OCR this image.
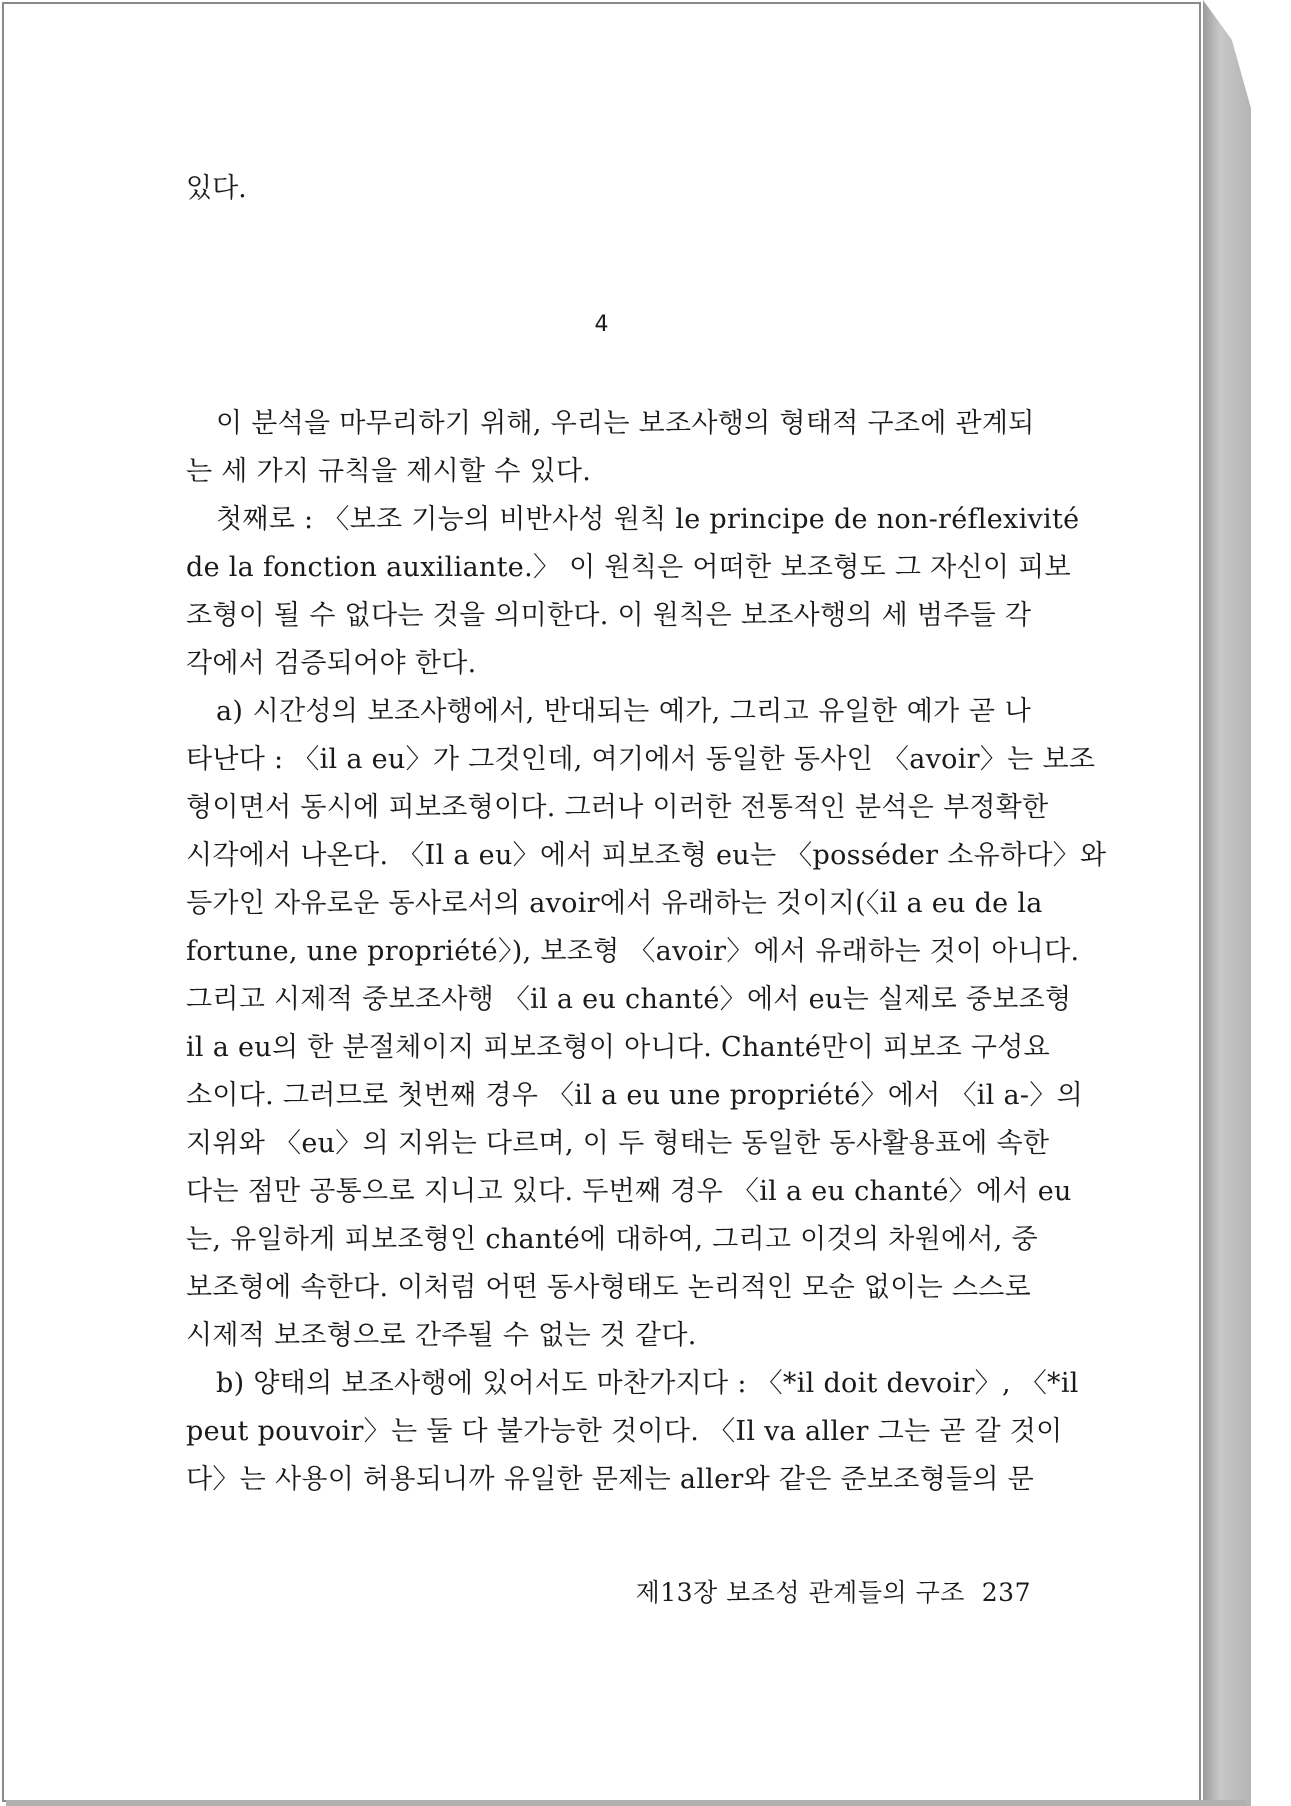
있다.
4
이 분석을 마무리하기 위해, 우리는 보조사행의 형태적 구조에 관계되
는 세 가지 규칙을 제시할 수 있다.
첫째로 : 〈보조 기능의 비반사성 원칙 le principe de non-réflexivité
de la fonction auxiliante.〉 이 원칙은 어떠한 보조형도 그 자신이 피보
조형이 될 수 없다는 것을 의미한다. 이 원칙은 보조사행의 세 범주들 각
각에서 검증되어야 한다.
a) 시간성의 보조사행에서, 반대되는 예가, 그리고 유일한 예가 곧 나
타난다 : 〈il a eu〉가 그것인데, 여기에서 동일한 동사인 〈avoir〉는 보조
형이면서 동시에 피보조형이다. 그러나 이러한 전통적인 분석은 부정확한
시각에서 나온다. 〈Il a eu〉에서 피보조형 eu는 〈posséder 소유하다〉와
등가인 자유로운 동사로서의 avoir에서 유래하는 것이지(〈il a eu de la
fortune, une propriété〉), 보조형 〈avoir〉에서 유래하는 것이 아니다.
그리고 시제적 중보조사행 〈il a eu chanté〉에서 eu는 실제로 중보조형
il a eu의 한 분절체이지 피보조형이 아니다. Chanté만이 피보조 구성요
소이다. 그러므로 첫번째 경우 〈il a eu une propriété〉에서 〈il a-〉의
지위와 〈eu〉의 지위는 다르며, 이 두 형태는 동일한 동사활용표에 속한
다는 점만 공통으로 지니고 있다. 두번째 경우 〈il a eu chanté〉에서 eu
는, 유일하게 피보조형인 chanté에 대하여, 그리고 이것의 차원에서, 중
보조형에 속한다. 이처럼 어떤 동사형태도 논리적인 모순 없이는 스스로
시제적 보조형으로 간주될 수 없는 것 같다.
b) 양태의 보조사행에 있어서도 마찬가지다 : 〈*il doit devoir〉, 〈*il
peut pouvoir〉는 둘 다 불가능한 것이다. 〈Il va aller 그는 곧 갈 것이
다〉는 사용이 허용되니까 유일한 문제는 aller와 같은 준보조형들의 문
제13장 보조성 관계들의 구조 237
